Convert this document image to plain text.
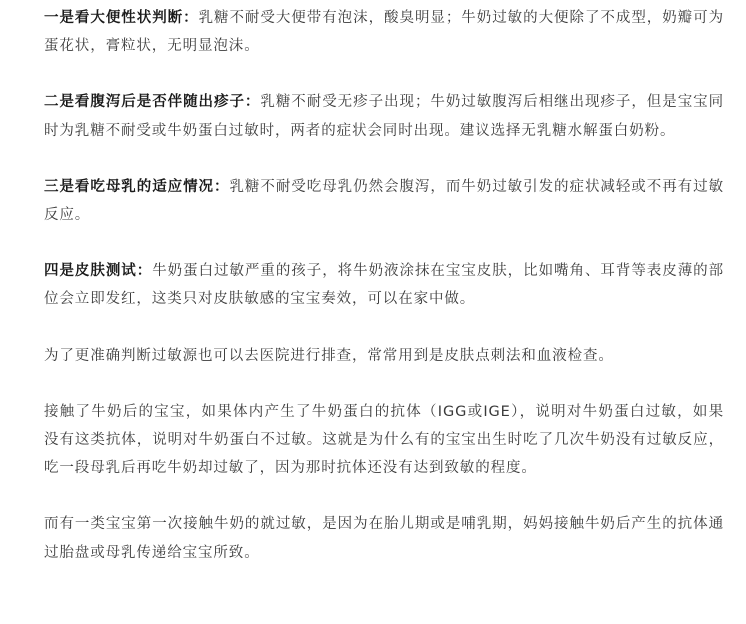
一是看大便性状判断：乳糖不耐受大便带有泡沫，酸臭明显；牛奶过敏的大便除了不成型，奶瓣可为蛋花状，膏粒状，无明显泡沫。

二是看腹泻后是否伴随出疹子：乳糖不耐受无疹子出现；牛奶过敏腹泻后相继出现疹子，但是宝宝同时为乳糖不耐受或牛奶蛋白过敏时，两者的症状会同时出现。建议选择无乳糖水解蛋白奶粉。

三是看吃母乳的适应情况：乳糖不耐受吃母乳仍然会腹泻，而牛奶过敏引发的症状减轻或不再有过敏反应。

四是皮肤测试：牛奶蛋白过敏严重的孩子，将牛奶液涂抹在宝宝皮肤，比如嘴角、耳背等表皮薄的部位会立即发红，这类只对皮肤敏感的宝宝奏效，可以在家中做。

为了更准确判断过敏源也可以去医院进行排查，常常用到是皮肤点刺法和血液检查。

接触了牛奶后的宝宝，如果体内产生了牛奶蛋白的抗体（IGG或IGE），说明对牛奶蛋白过敏，如果没有这类抗体，说明对牛奶蛋白不过敏。这就是为什么有的宝宝出生时吃了几次牛奶没有过敏反应，吃一段母乳后再吃牛奶却过敏了，因为那时抗体还没有达到致敏的程度。

而有一类宝宝第一次接触牛奶的就过敏，是因为在胎儿期或是哺乳期，妈妈接触牛奶后产生的抗体通过胎盘或母乳传递给宝宝所致。
